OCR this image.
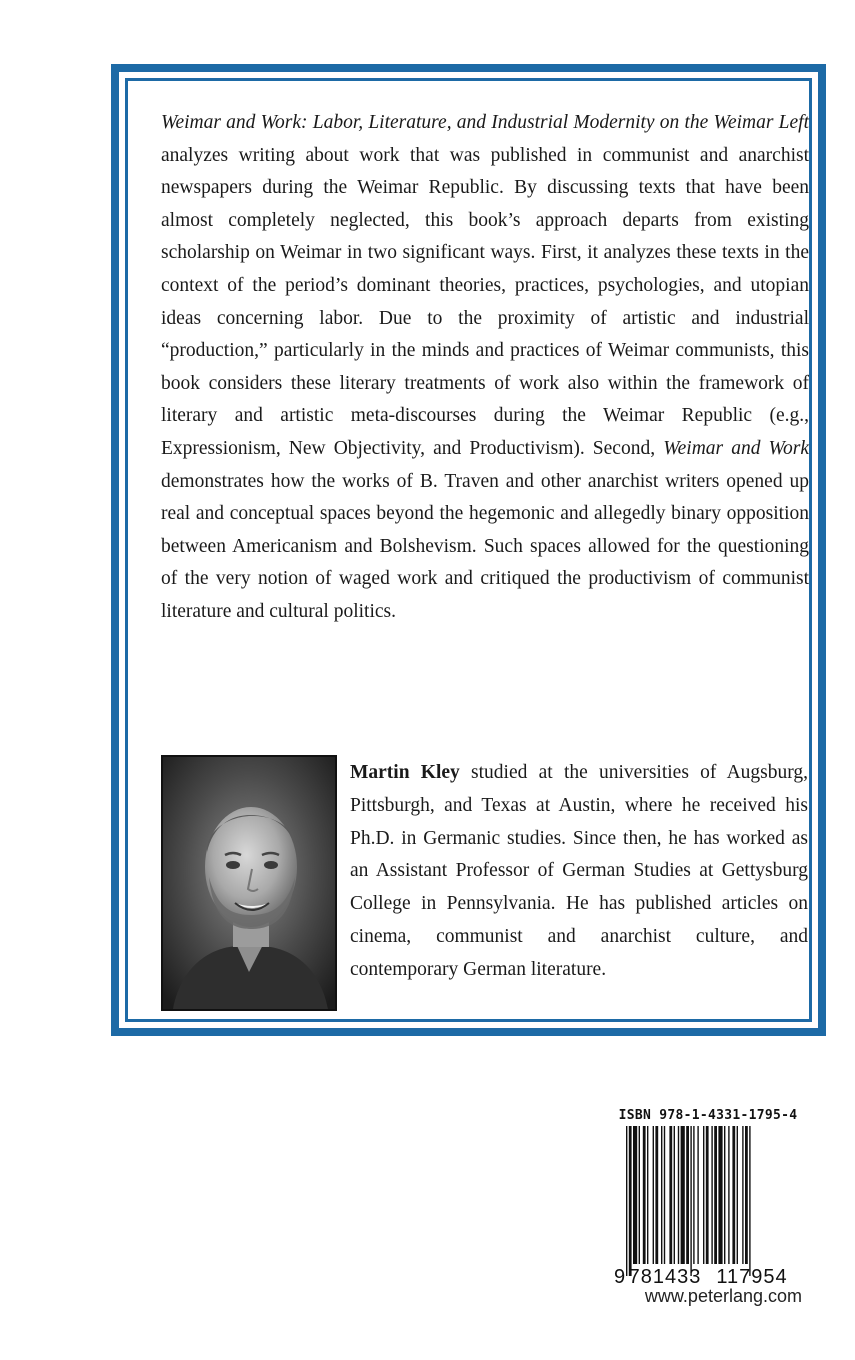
Weimar and Work: Labor, Literature, and Industrial Modernity on the Weimar Left analyzes writing about work that was published in communist and anarchist newspapers during the Weimar Republic. By discussing texts that have been almost completely neglected, this book’s approach departs from existing scholarship on Weimar in two significant ways. First, it analyzes these texts in the context of the period’s dominant theories, practices, psychologies, and utopian ideas concerning labor. Due to the proximity of artistic and industrial “production,” particularly in the minds and practices of Weimar communists, this book considers these literary treatments of work also within the framework of literary and artistic meta-discourses during the Weimar Republic (e.g., Expressionism, New Objectivity, and Productivism). Second, Weimar and Work demonstrates how the works of B. Traven and other anarchist writers opened up real and conceptual spaces beyond the hegemonic and allegedly binary opposition between Americanism and Bolshevism. Such spaces allowed for the questioning of the very notion of waged work and critiqued the productivism of communist literature and cultural politics.

Martin Kley studied at the universities of Augsburg, Pittsburgh, and Texas at Austin, where he received his Ph.D. in Germanic studies. Since then, he has worked as an Assistant Professor of German Studies at Gettysburg College in Pennsylvania. He has published articles on cinema, communist and anarchist culture, and contemporary German literature.

ISBN 978-1-4331-1795-4
9 781433 117954
www.peterlang.com
